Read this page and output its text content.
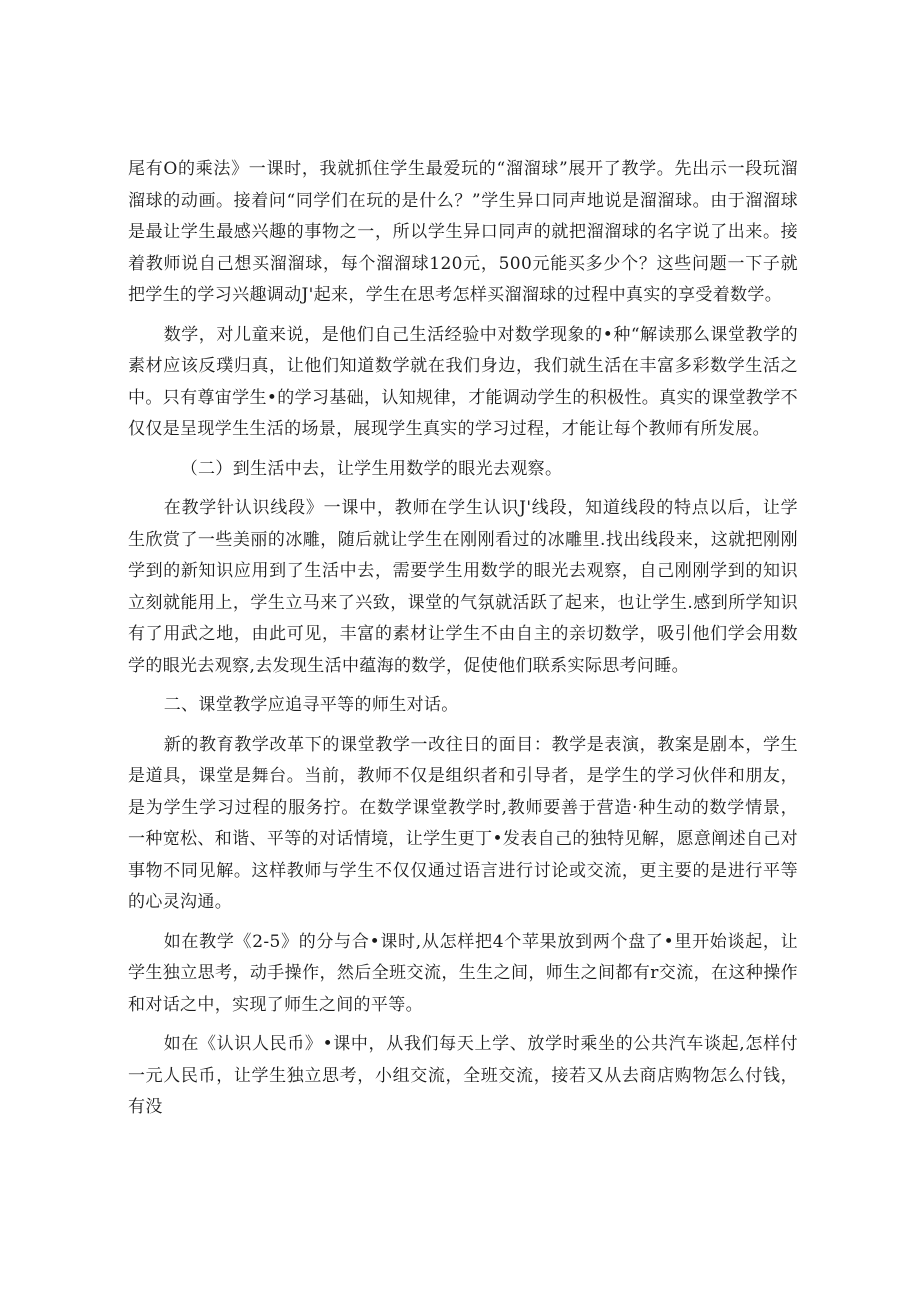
尾有O的乘法》一课时，我就抓住学生最爱玩的“溜溜球”展开了教学。先出示一段玩溜溜球的动画。接着问“同学们在玩的是什么？”学生异口同声地说是溜溜球。由于溜溜球是最让学生最感兴趣的事物之一，所以学生异口同声的就把溜溜球的名字说了出来。接着教师说自己想买溜溜球，每个溜溜球120元，500元能买多少个？这些问题一下子就把学生的学习兴趣调动J'起来，学生在思考怎样买溜溜球的过程中真实的享受着数学。

数学，对儿童来说，是他们自己生活经验中对数学现象的•种“解读那么课堂教学的素材应该反璞归真，让他们知道数学就在我们身边，我们就生活在丰富多彩数学生活之中。只有尊宙学生•的学习基础，认知规律，才能调动学生的积极性。真实的课堂教学不仅仅是呈现学生生活的场景，展现学生真实的学习过程，才能让每个教师有所发展。

（二）到生活中去，让学生用数学的眼光去观察。

在教学针认识线段》一课中，教师在学生认识J'线段，知道线段的特点以后，让学生欣赏了一些美丽的冰雕，随后就让学生在刚刚看过的冰雕里.找出线段来，这就把刚刚学到的新知识应用到了生活中去，需要学生用数学的眼光去观察，自己刚刚学到的知识立刻就能用上，学生立马来了兴致，课堂的气氛就活跃了起来，也让学生.感到所学知识有了用武之地，由此可见，丰富的素材让学生不由自主的亲切数学，吸引他们学会用数学的眼光去观察,去发现生活中蕴海的数学，促使他们联系实际思考问睡。

二、课堂教学应追寻平等的师生对话。

新的教育教学改革下的课堂教学一改往日的面目：教学是表演，教案是剧本，学生是道具，课堂是舞台。当前，教师不仅是组织者和引导者，是学生的学习伙伴和朋友，是为学生学习过程的服务拧。在数学课堂教学时,教师要善于营造·种生动的数学情景，一种宽松、和谐、平等的对话情境，让学生更丁•发表自己的独特见解，愿意阐述自己对事物不同见解。这样教师与学生不仅仅通过语言进行讨论或交流，更主要的是进行平等的心灵沟通。

如在教学《2-5》的分与合•课时,从怎样把4个苹果放到两个盘了•里开始谈起，让学生独立思考，动手操作，然后全班交流，生生之间，师生之间都有r交流，在这种操作和对话之中，实现了师生之间的平等。

如在《认识人民币》•课中，从我们每天上学、放学时乘坐的公共汽车谈起,怎样付一元人民币，让学生独立思考，小组交流，全班交流，接若又从去商店购物怎么付钱，有没
